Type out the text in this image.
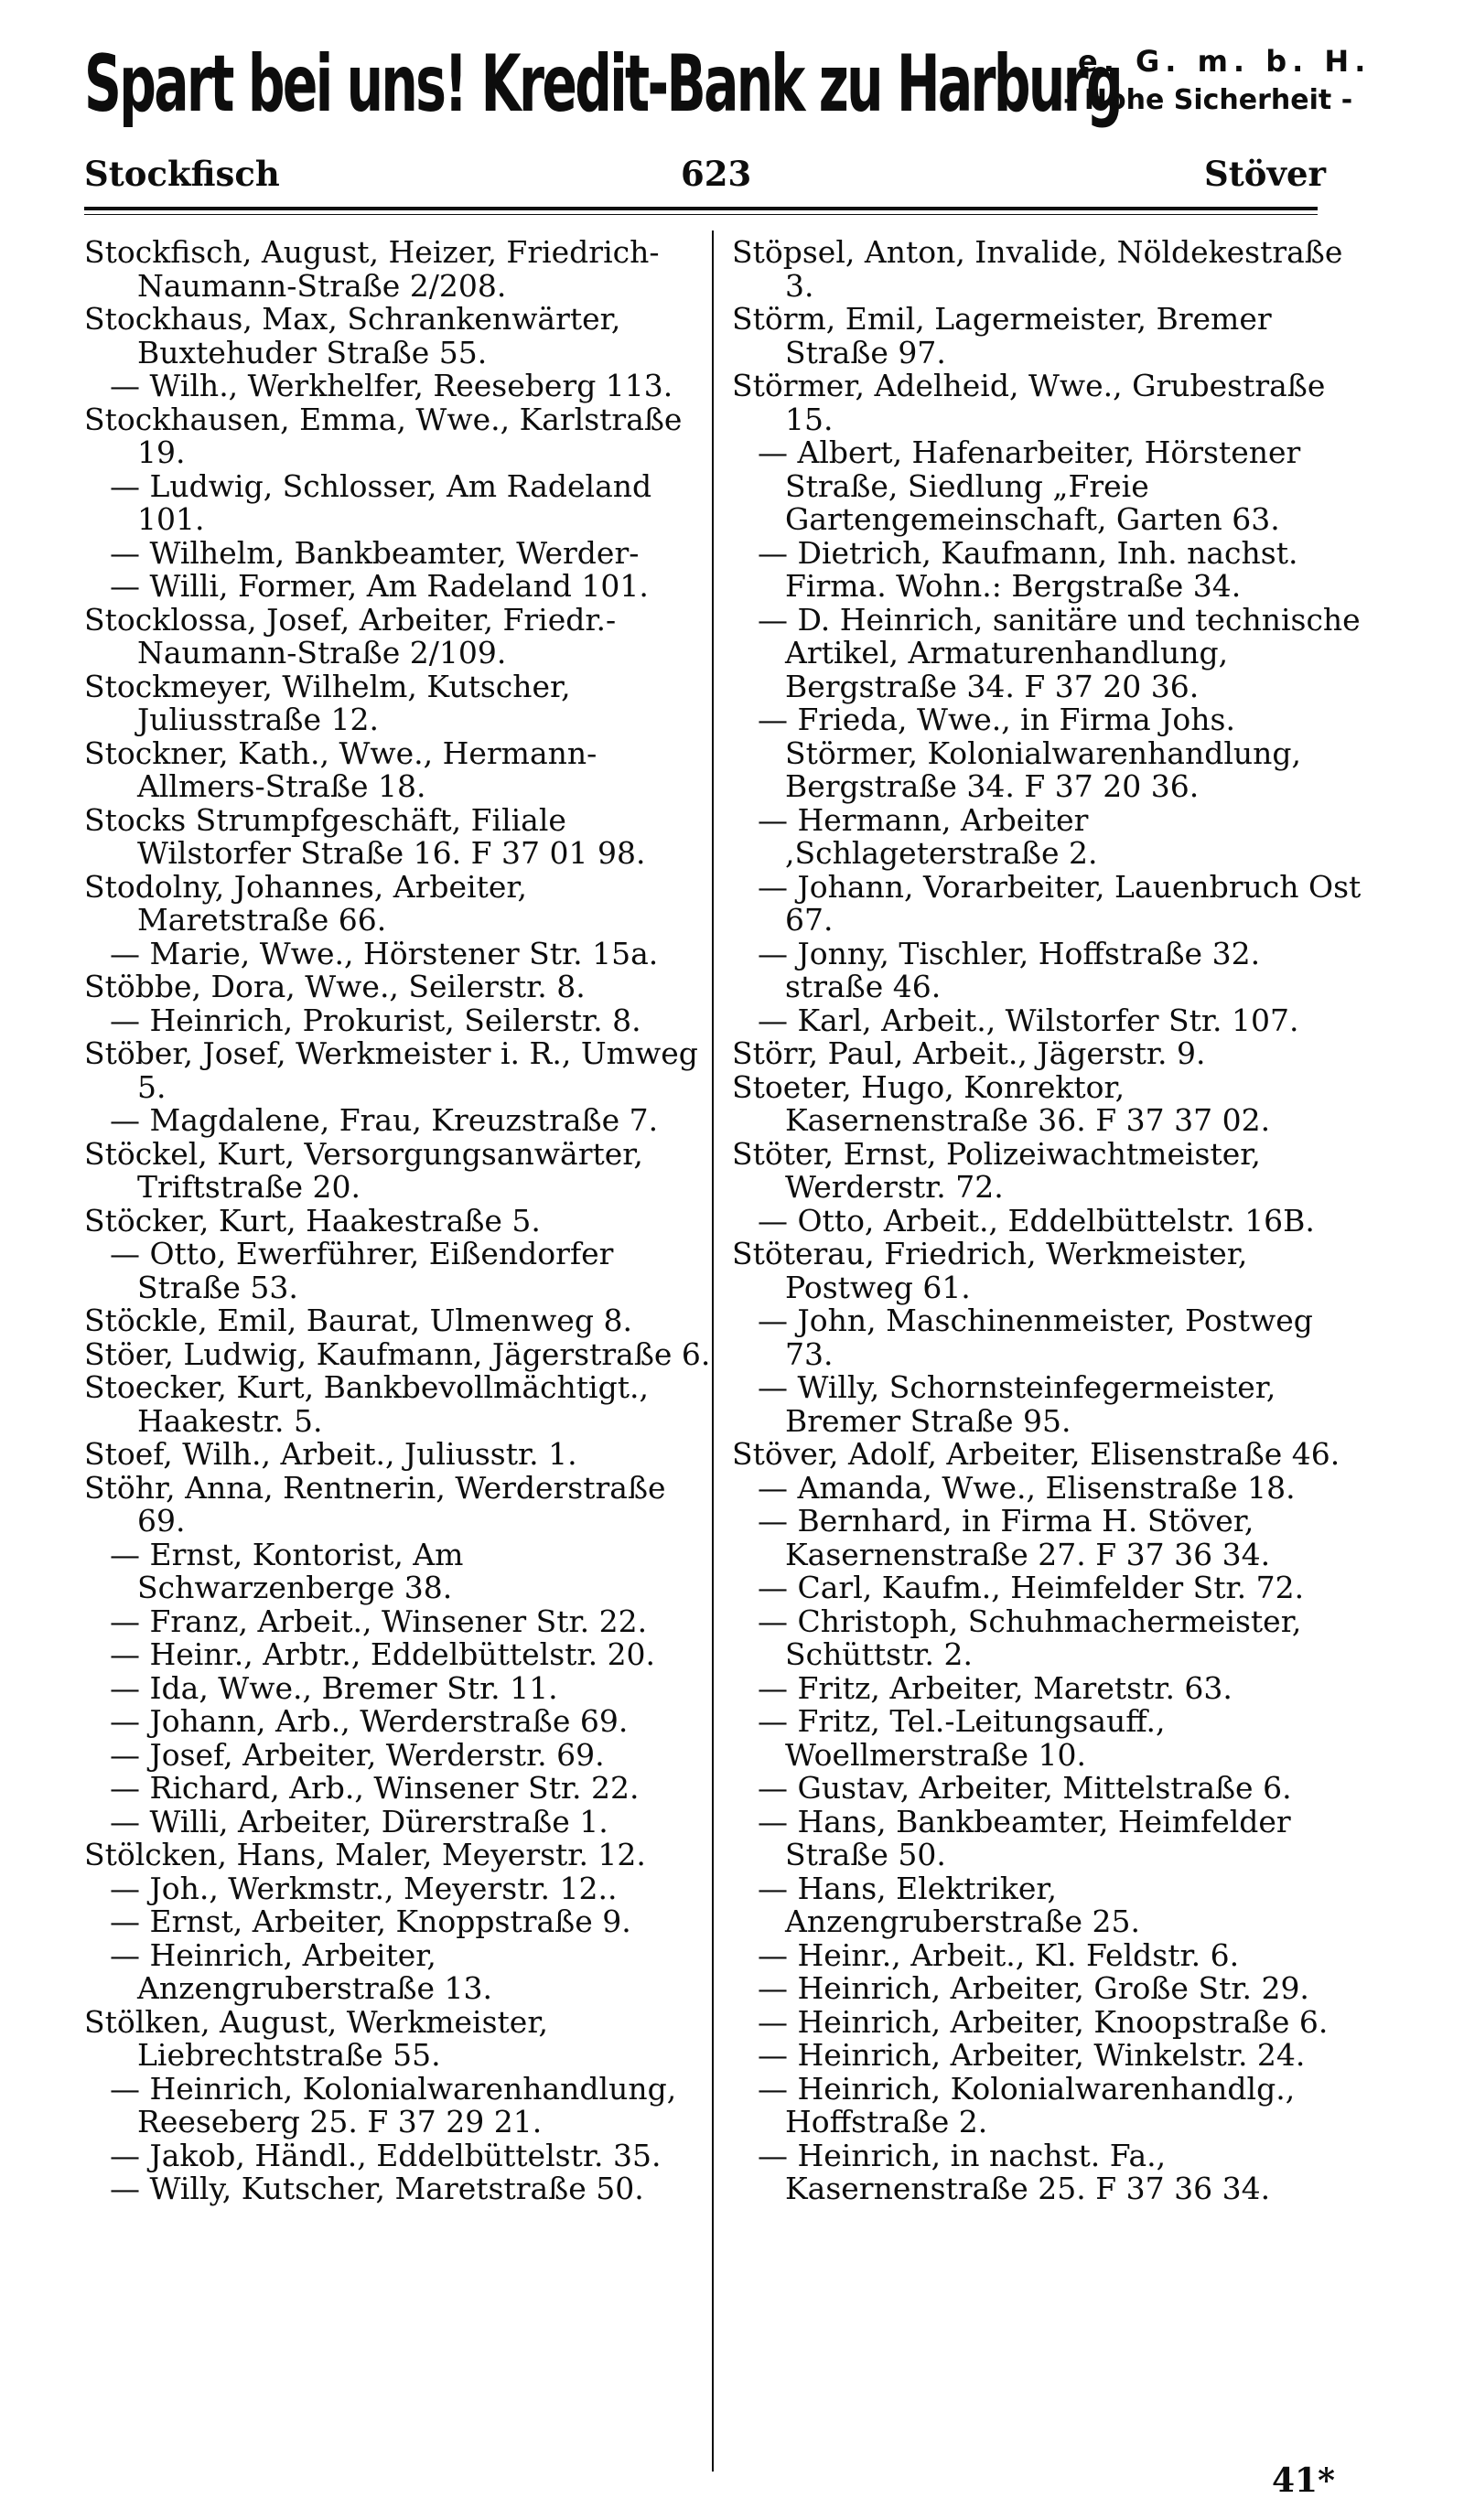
Spart bei uns! Kredit-Bank zu Harburg
e. G. m. b. H.
- Hohe Sicherheit -
Stockfisch	623	Stöver

Stockfisch, August, Heizer, Friedrich-Naumann-Straße 2/208.

Stockhaus, Max, Schrankenwärter, Buxtehuder Straße 55.

— Wilh., Werkhelfer, Reeseberg 113.

Stockhausen, Emma, Wwe., Karlstraße 19.

— Ludwig, Schlosser, Am Radeland 101.

— Wilhelm, Bankbeamter, Werder-

— Willi, Former, Am Radeland 101.

Stocklossa, Josef, Arbeiter, Friedr.-Naumann-Straße 2/109.

Stockmeyer, Wilhelm, Kutscher, Juliusstraße 12.

Stockner, Kath., Wwe., Hermann-Allmers-Straße 18.

Stocks Strumpfgeschäft, Filiale Wilstorfer Straße 16. F 37 01 98.

Stodolny, Johannes, Arbeiter, Maretstraße 66.

— Marie, Wwe., Hörstener Str. 15a.

Stöbbe, Dora, Wwe., Seilerstr. 8.

— Heinrich, Prokurist, Seilerstr. 8.

Stöber, Josef, Werkmeister i. R., Umweg 5.

— Magdalene, Frau, Kreuzstraße 7.

Stöckel, Kurt, Versorgungsanwärter, Triftstraße 20.

Stöcker, Kurt, Haakestraße 5.

— Otto, Ewerführer, Eißendorfer Straße 53.

Stöckle, Emil, Baurat, Ulmenweg 8.

Stöer, Ludwig, Kaufmann, Jägerstraße 6.

Stoecker, Kurt, Bankbevollmächtigt., Haakestr. 5.

Stoef, Wilh., Arbeit., Juliusstr. 1.

Stöhr, Anna, Rentnerin, Werderstraße 69.

— Ernst, Kontorist, Am Schwarzenberge 38.

— Franz, Arbeit., Winsener Str. 22.

— Heinr., Arbtr., Eddelbüttelstr. 20.

— Ida, Wwe., Bremer Str. 11.

— Johann, Arb., Werderstraße 69.

— Josef, Arbeiter, Werderstr. 69.

— Richard, Arb., Winsener Str. 22.

— Willi, Arbeiter, Dürerstraße 1.

Stölcken, Hans, Maler, Meyerstr. 12.

— Joh., Werkmstr., Meyerstr. 12..

— Ernst, Arbeiter, Knoppstraße 9.

— Heinrich, Arbeiter, Anzengruberstraße 13.

Stölken, August, Werkmeister, Liebrechtstraße 55.

— Heinrich, Kolonialwarenhandlung, Reeseberg 25. F 37 29 21.

— Jakob, Händl., Eddelbüttelstr. 35.

— Willy, Kutscher, Maretstraße 50.

Stöpsel, Anton, Invalide, Nöldekestraße 3.

Störm, Emil, Lagermeister, Bremer Straße 97.

Störmer, Adelheid, Wwe., Grubestraße 15.

— Albert, Hafenarbeiter, Hörstener Straße, Siedlung „Freie Gartengemeinschaft, Garten 63.

— Dietrich, Kaufmann, Inh. nachst. Firma. Wohn.: Bergstraße 34.

— D. Heinrich, sanitäre und technische Artikel, Armaturenhandlung, Bergstraße 34. F 37 20 36.

— Frieda, Wwe., in Firma Johs. Störmer, Kolonialwarenhandlung, Bergstraße 34. F 37 20 36.

— Hermann, Arbeiter ,Schlageterstraße 2.

— Johann, Vorarbeiter, Lauenbruch Ost 67.

— Jonny, Tischler, Hoffstraße 32. straße 46.

— Karl, Arbeit., Wilstorfer Str. 107.

Störr, Paul, Arbeit., Jägerstr. 9.

Stoeter, Hugo, Konrektor, Kasernenstraße 36. F 37 37 02.

Stöter, Ernst, Polizeiwachtmeister, Werderstr. 72.

— Otto, Arbeit., Eddelbüttelstr. 16B.

Stöterau, Friedrich, Werkmeister, Postweg 61.

— John, Maschinenmeister, Postweg 73.

— Willy, Schornsteinfegermeister, Bremer Straße 95.

Stöver, Adolf, Arbeiter, Elisenstraße 46.

— Amanda, Wwe., Elisenstraße 18.

— Bernhard, in Firma H. Stöver, Kasernenstraße 27. F 37 36 34.

— Carl, Kaufm., Heimfelder Str. 72.

— Christoph, Schuhmachermeister, Schüttstr. 2.

— Fritz, Arbeiter, Maretstr. 63.

— Fritz, Tel.-Leitungsauff., Woellmerstraße 10.

— Gustav, Arbeiter, Mittelstraße 6.

— Hans, Bankbeamter, Heimfelder Straße 50.

— Hans, Elektriker, Anzengruberstraße 25.

— Heinr., Arbeit., Kl. Feldstr. 6.

— Heinrich, Arbeiter, Große Str. 29.

— Heinrich, Arbeiter, Knoopstraße 6.

— Heinrich, Arbeiter, Winkelstr. 24.

— Heinrich, Kolonialwarenhandlg., Hoffstraße 2.

— Heinrich, in nachst. Fa., Kasernenstraße 25. F 37 36 34.

41*
